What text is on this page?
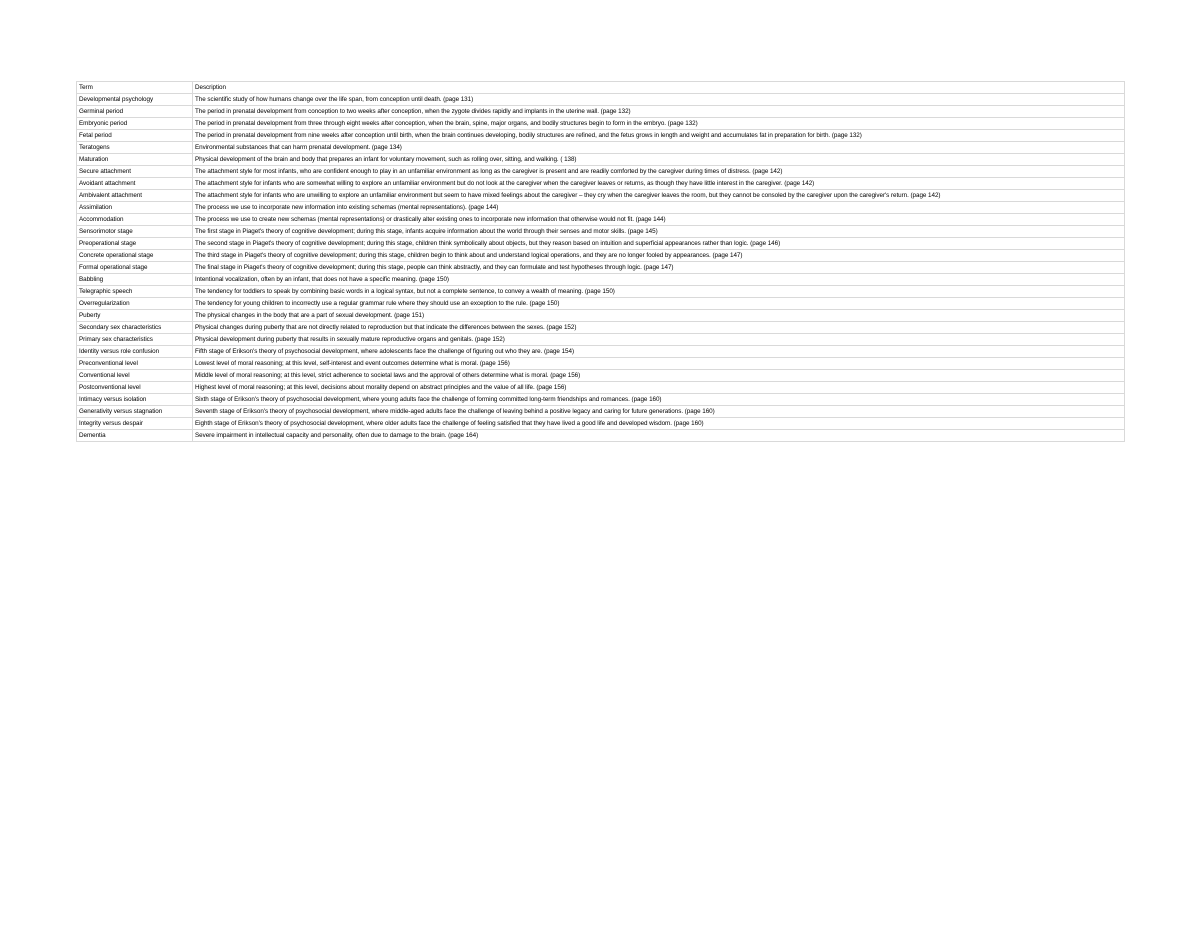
Term	Description
Developmental psychology	The scientific study of how humans change over the life span, from conception until death. (page 131)
Germinal period	The period in prenatal development from conception to two weeks after conception, when the zygote divides rapidly and implants in the uterine wall. (page 132)
Embryonic period	The period in prenatal development from three through eight weeks after conception, when the brain, spine, major organs, and bodily structures begin to form in the embryo. (page 132)
Fetal period	The period in prenatal development from nine weeks after conception until birth, when the brain continues developing, bodily structures are refined, and the fetus grows in length and weight and accumulates fat in preparation for birth. (page 132)
Teratogens	Environmental substances that can harm prenatal development. (page 134)
Maturation	Physical development of the brain and body that prepares an infant for voluntary movement, such as rolling over, sitting, and walking. ( 138)
Secure attachment	The attachment style for most infants, who are confident enough to play in an unfamiliar environment as long as the caregiver is present and are readily comforted by the caregiver during times of distress. (page 142)
Avoidant attachment	The attachment style for infants who are somewhat willing to explore an unfamiliar environment but do not look at the caregiver when the caregiver leaves or returns, as though they have little interest in the caregiver. (page 142)
Ambivalent attachment	The attachment style for infants who are unwilling to explore an unfamiliar environment but seem to have mixed feelings about the caregiver – they cry when the caregiver leaves the room, but they cannot be consoled by the caregiver upon the caregiver's return. (page 142)
Assimilation	The process we use to incorporate new information into existing schemas (mental representations). (page 144)
Accommodation	The process we use to create new schemas (mental representations) or drastically alter existing ones to incorporate new information that otherwise would not fit. (page 144)
Sensorimotor stage	The first stage in Piaget's theory of cognitive development; during this stage, infants acquire information about the world through their senses and motor skills. (page 145)
Preoperational stage	The second stage in Piaget's theory of cognitive development; during this stage, children think symbolically about objects, but they reason based on intuition and superficial appearances rather than logic. (page 146)
Concrete operational stage	The third stage in Piaget's theory of cognitive development; during this stage, children begin to think about and understand logical operations, and they are no longer fooled by appearances. (page 147)
Formal operational stage	The final stage in Piaget's theory of cognitive development; during this stage, people can think abstractly, and they can formulate and test hypotheses through logic. (page 147)
Babbling	Intentional vocalization, often by an infant, that does not have a specific meaning. (page 150)
Telegraphic speech	The tendency for toddlers to speak by combining basic words in a logical syntax, but not a complete sentence, to convey a wealth of meaning. (page 150)
Overregularization	The tendency for young children to incorrectly use a regular grammar rule where they should use an exception to the rule. (page 150)
Puberty	The physical changes in the body that are a part of sexual development. (page 151)
Secondary sex characteristics	Physical changes during puberty that are not directly related to reproduction but that indicate the differences between the sexes. (page 152)
Primary sex characteristics	Physical development during puberty that results in sexually mature reproductive organs and genitals. (page 152)
Identity versus role confusion	Fifth stage of Erikson's theory of psychosocial development, where adolescents face the challenge of figuring out who they are. (page 154)
Preconventional level	Lowest level of moral reasoning; at this level, self-interest and event outcomes determine what is moral. (page 156)
Conventional level	Middle level of moral reasoning; at this level, strict adherence to societal laws and the approval of others determine what is moral. (page 156)
Postconventional level	Highest level of moral reasoning; at this level, decisions about morality depend on abstract principles and the value of all life. (page 156)
Intimacy versus isolation	Sixth stage of Erikson's theory of psychosocial development, where young adults face the challenge of forming committed long-term friendships and romances. (page 160)
Generativity versus stagnation	Seventh stage of Erikson's theory of psychosocial development, where middle-aged adults face the challenge of leaving behind a positive legacy and caring for future generations. (page 160)
Integrity versus despair	Eighth stage of Erikson's theory of psychosocial development, where older adults face the challenge of feeling satisfied that they have lived a good life and developed wisdom. (page 160)
Dementia	Severe impairment in intellectual capacity and personality, often due to damage to the brain. (page 164)
